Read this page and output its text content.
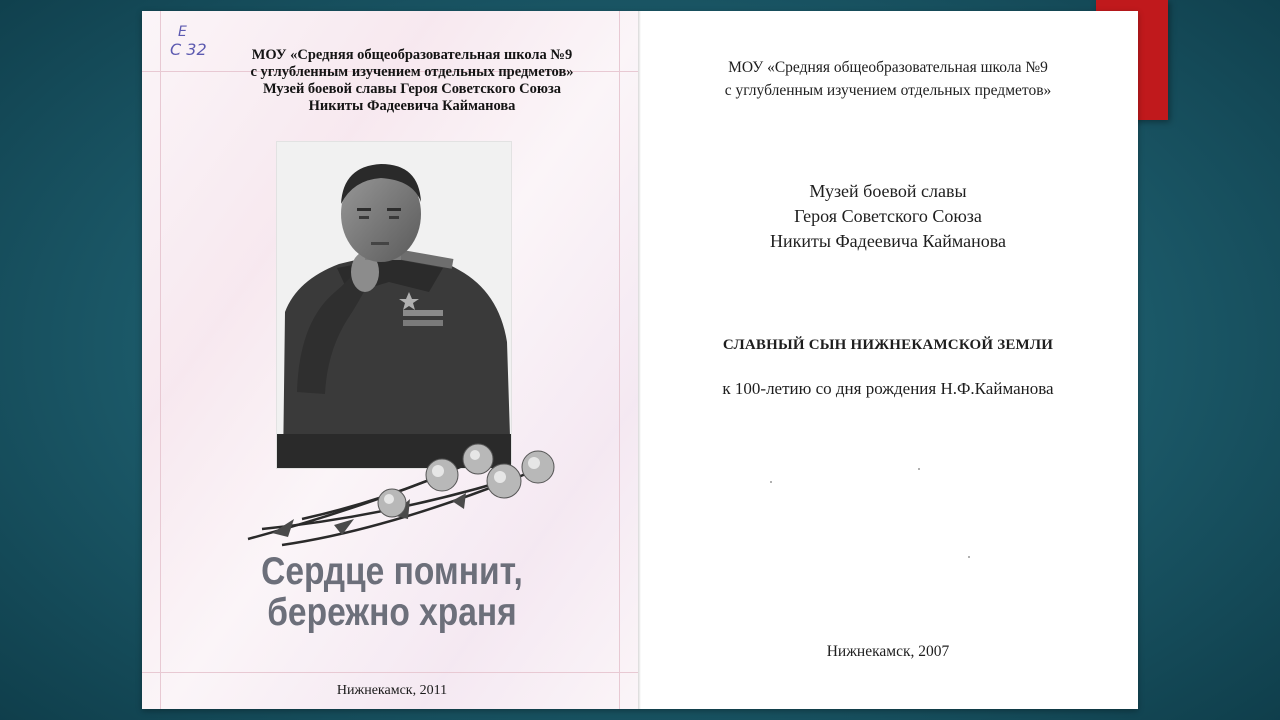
Е
С 32	МОУ «Средняя общеобразовательная школа №9
с углубленным изучением отдельных предметов»
Музей боевой славы Героя Советского Союза
Никиты Фадеевича Кайманова
Сердце помнит,
бережно храня
Нижнекамск, 2011
МОУ «Средняя общеобразовательная школа №9
с углубленным изучением отдельных предметов»
Музей боевой славы
Героя Советского Союза
Никиты Фадеевича Кайманова
СЛАВНЫЙ СЫН НИЖНЕКАМСКОЙ ЗЕМЛИ
к 100-летию со дня рождения Н.Ф.Кайманова
Нижнекамск, 2007
